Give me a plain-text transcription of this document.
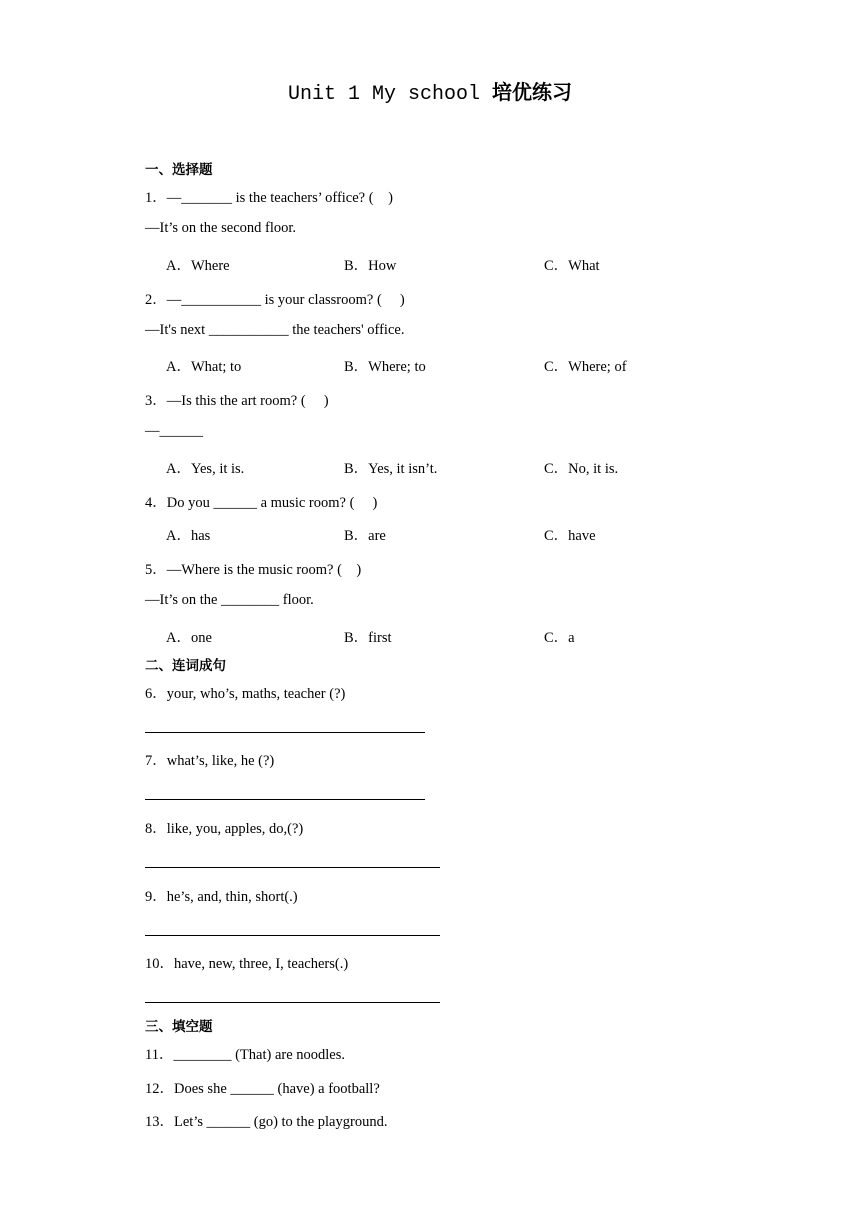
Unit 1 My school 培优练习
一、选择题
1．—_______ is the teachers’ office? (    )
—It’s on the second floor.
A．Where	B．How	C．What
2．—___________ is your classroom? (     )
—It's next ___________ the teachers' office.
A．What; to	B．Where; to	C．Where; of
3．—Is this the art room? (     )
—______
A．Yes, it is.	B．Yes, it isn’t.	C．No, it is.
4．Do you ______ a music room? (     )
A．has	B．are	C．have
5．—Where is the music room? (    )
—It’s on the ________ floor.
A．one	B．first	C．a
二、连词成句
6．your, who’s, maths, teacher (?)
7．what’s, like, he (?)
8．like, you, apples, do,(?)
9．he’s, and, thin, short(.)
10．have, new, three, I, teachers(.)
三、填空题
11．________ (That) are noodles.
12．Does she ______ (have) a football?
13．Let’s ______ (go) to the playground.
